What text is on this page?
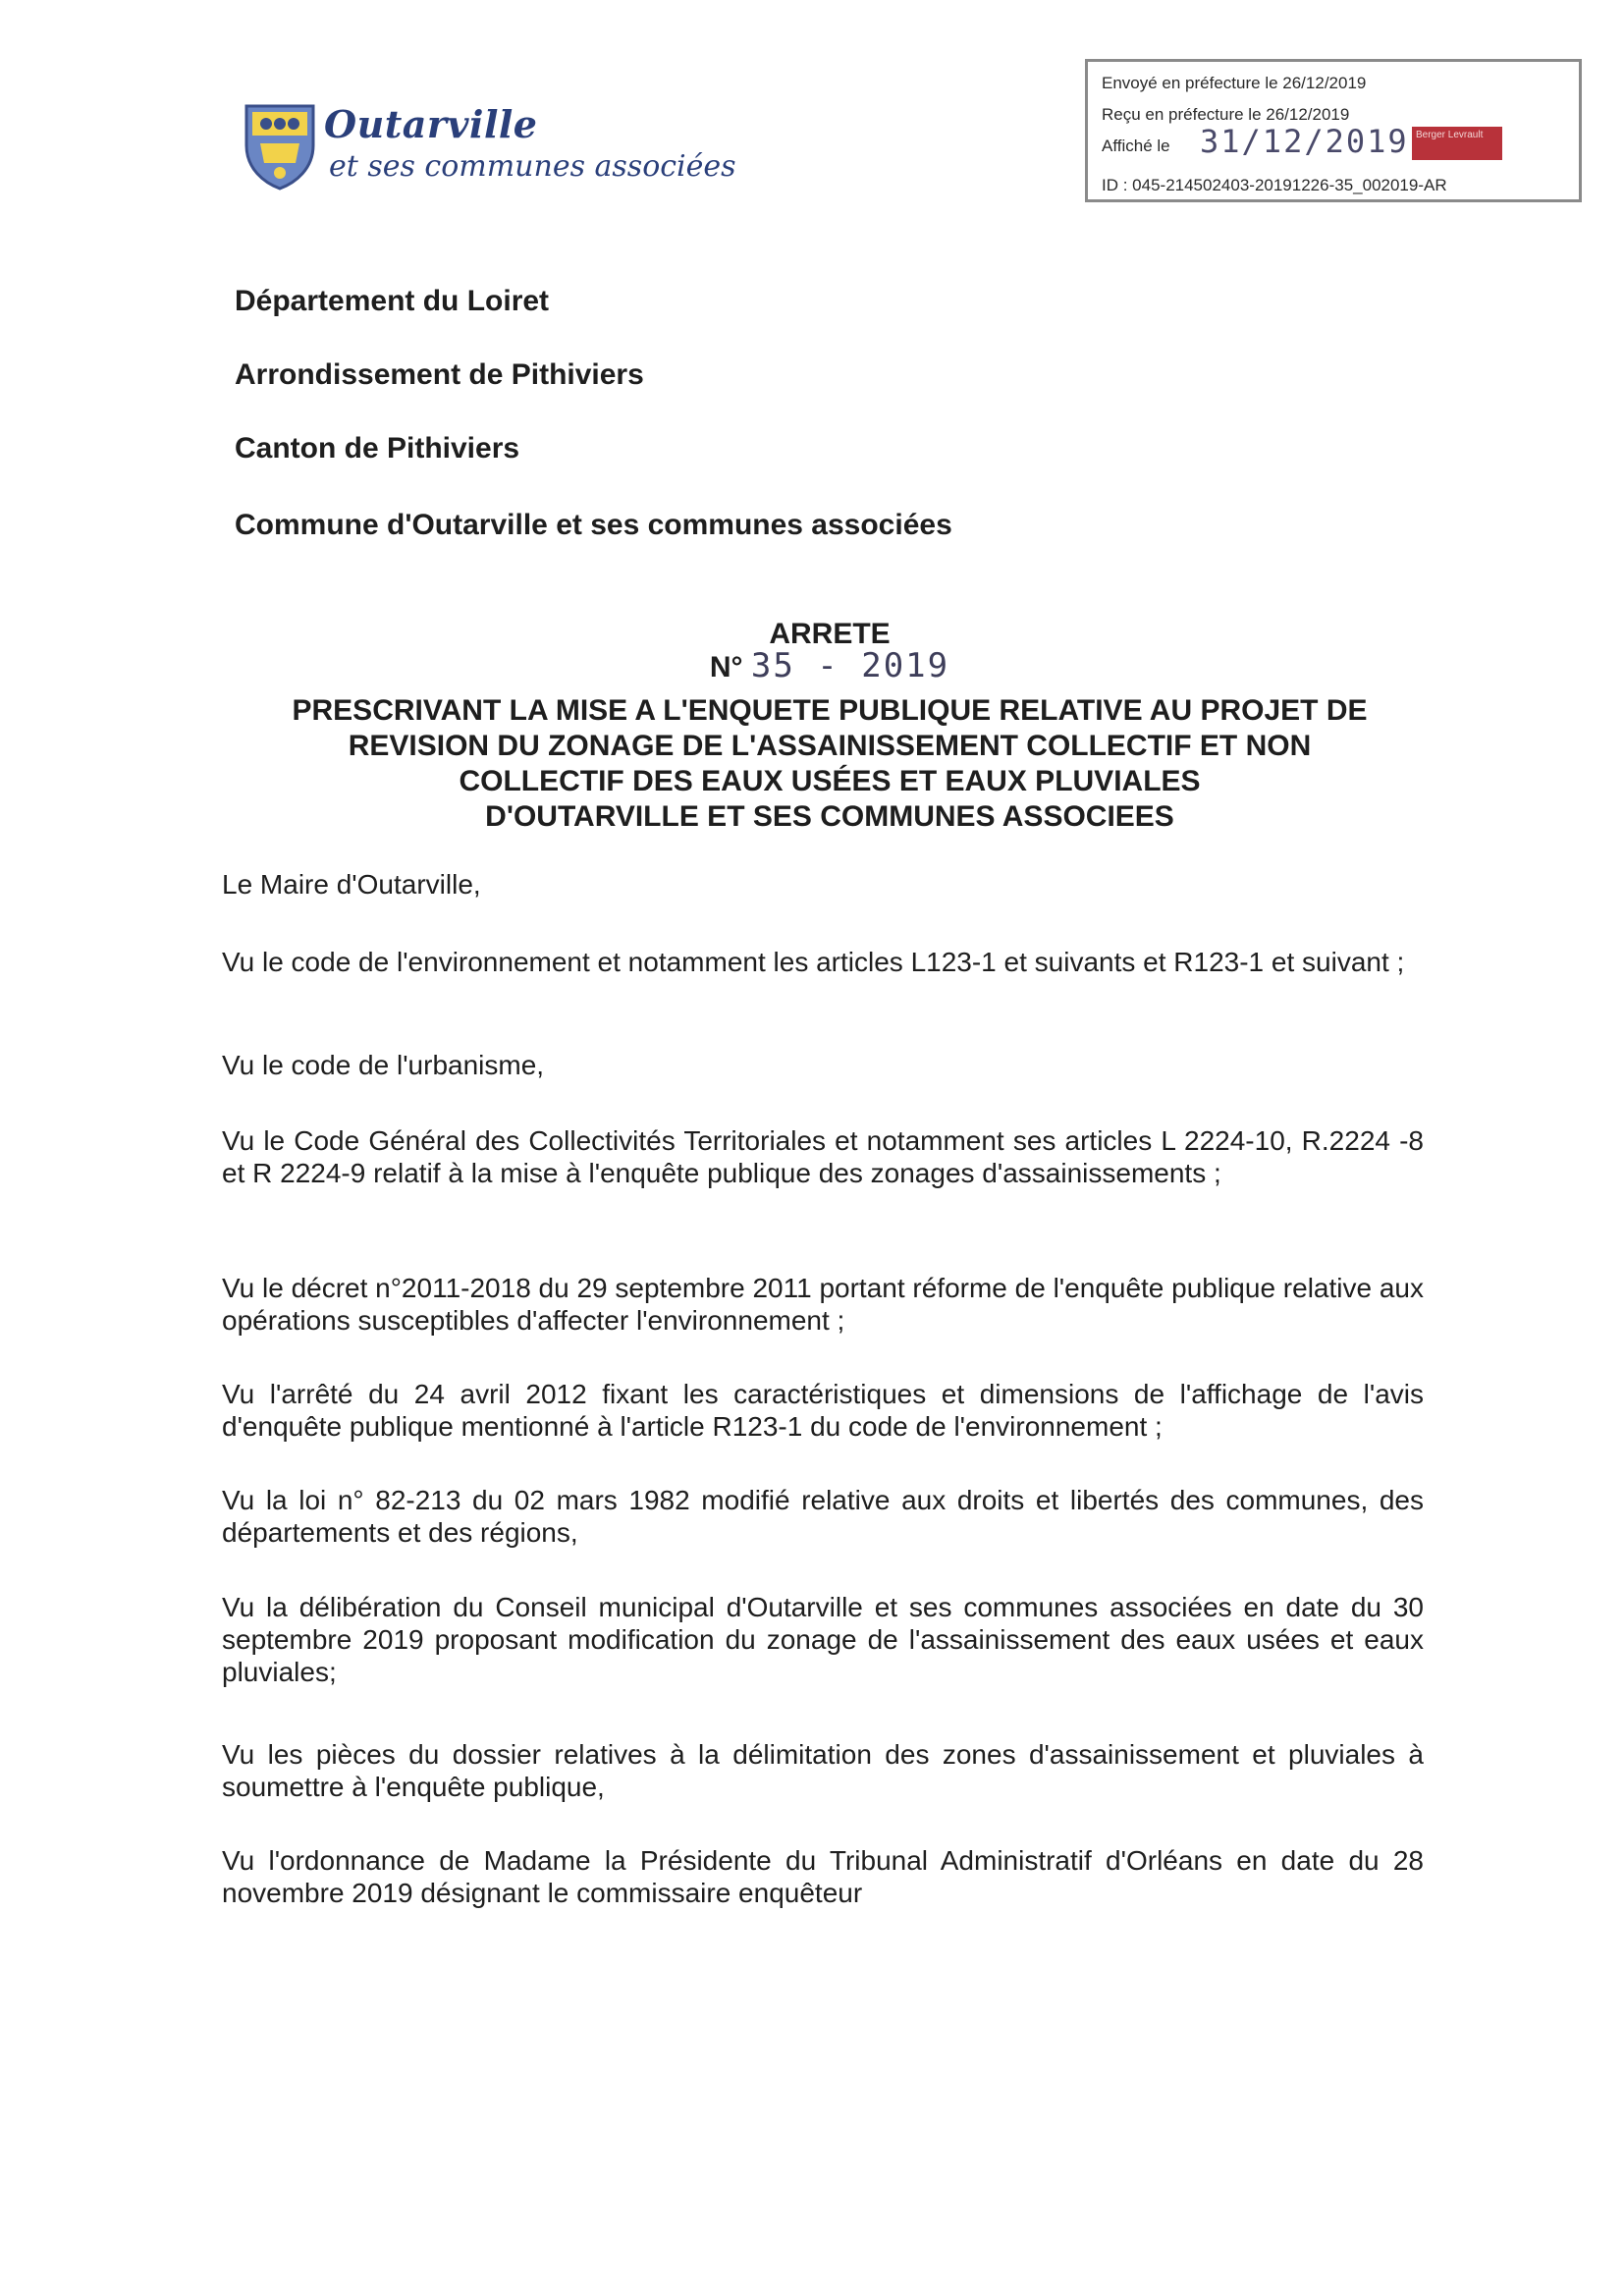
Outarville
et ses communes associées
Envoyé en préfecture le 26/12/2019
Reçu en préfecture le 26/12/2019
Affiché le 31/12/2019 Berger Levrault
ID : 045-214502403-20191226-35_002019-AR
Département du Loiret
Arrondissement de Pithiviers
Canton de Pithiviers
Commune d'Outarville et ses communes associées
ARRETE
N° 35 - 2019
PRESCRIVANT LA MISE A L'ENQUETE PUBLIQUE RELATIVE AU PROJET DE
REVISION DU ZONAGE DE L'ASSAINISSEMENT COLLECTIF ET NON
COLLECTIF DES EAUX USÉES ET EAUX PLUVIALES
D'OUTARVILLE ET SES COMMUNES ASSOCIEES
Le Maire d'Outarville,
Vu le code de l'environnement et notamment les articles L123-1 et suivants et R123-1 et suivant ;
Vu le code de l'urbanisme,
Vu le Code Général des Collectivités Territoriales et notamment ses articles L 2224-10, R.2224 -8 et R 2224-9 relatif à la mise à l'enquête publique des zonages d'assainissements ;
Vu le décret n°2011-2018 du 29 septembre 2011 portant réforme de l'enquête publique relative aux opérations susceptibles d'affecter l'environnement ;
Vu l'arrêté du 24 avril 2012 fixant les caractéristiques et dimensions de l'affichage de l'avis d'enquête publique mentionné à l'article R123-1 du code de l'environnement ;
Vu la loi n° 82-213 du 02 mars 1982 modifié relative aux droits et libertés des communes, des départements et des régions,
Vu la délibération du Conseil municipal d'Outarville et ses communes associées en date du 30 septembre 2019 proposant modification du zonage de l'assainissement des eaux usées et eaux pluviales;
Vu les pièces du dossier relatives à la délimitation des zones d'assainissement et pluviales à soumettre à l'enquête publique,
Vu l'ordonnance de Madame la Présidente du Tribunal Administratif d'Orléans en date du 28 novembre 2019 désignant le commissaire enquêteur
